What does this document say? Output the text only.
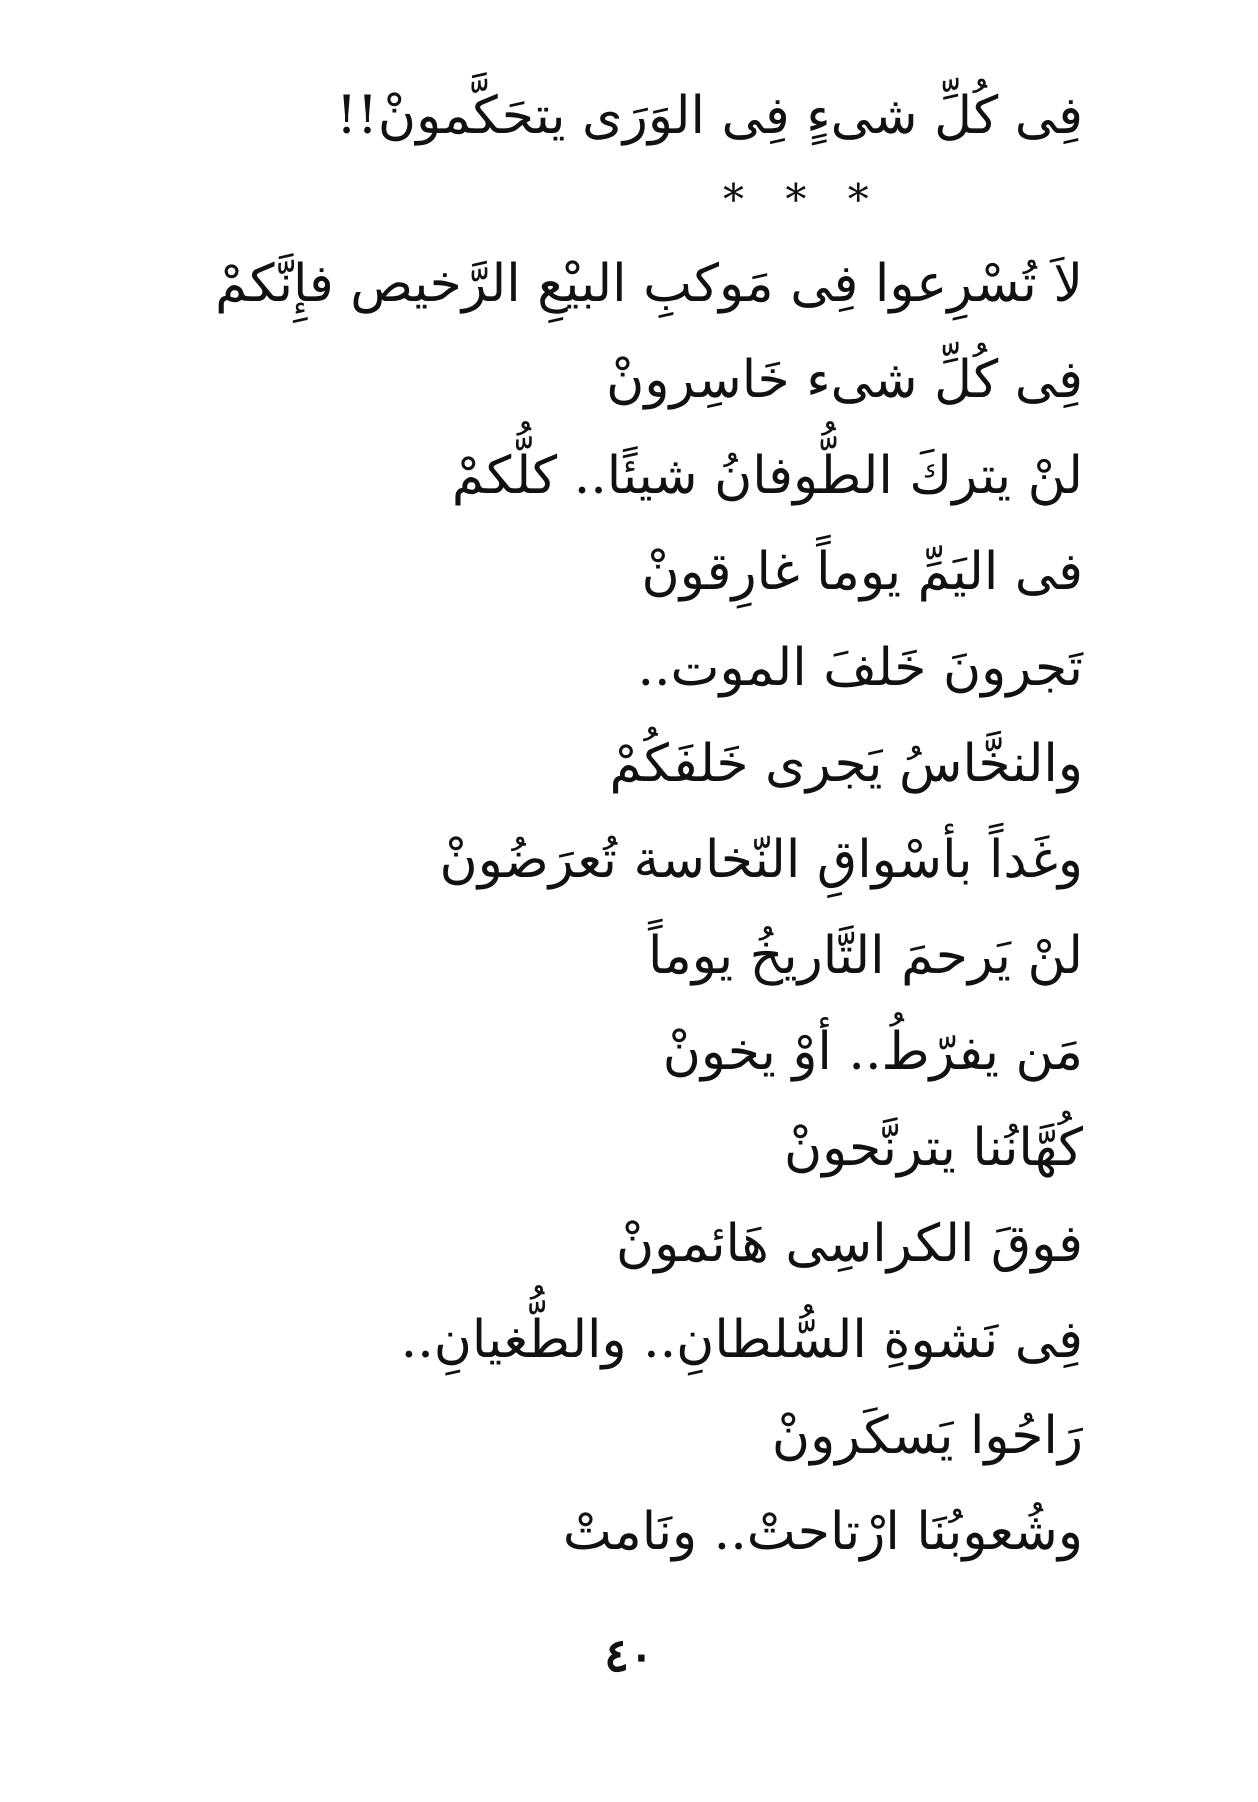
فِى كُلِّ شىءٍ فِى الوَرَى يتحَكَّمونْ!!
* * *
لاَ تُسْرِعوا فِى مَوكبِ البيْعِ الرَّخيص فإِنَّكمْ
فِى كُلِّ شىء خَاسِرونْ
لنْ يتركَ الطُّوفانُ شيئًا.. كلُّكمْ
فى اليَمِّ يوماً غارِقونْ
تَجرونَ خَلفَ الموت..
والنخَّاسُ يَجرى خَلفَكُمْ
وغَداً بأسْواقِ النّخاسة تُعرَضُونْ
لنْ يَرحمَ التَّاريخُ يوماً
مَن يفرّطُ.. أوْ يخونْ
كُهَّانُنا يترنَّحونْ
فوقَ الكراسِى هَائمونْ
فِى نَشوةِ السُّلطانِ.. والطُّغيانِ..
رَاحُوا يَسكَرونْ
وشُعوبُنَا ارْتاحتْ.. ونَامتْ
٤٠
